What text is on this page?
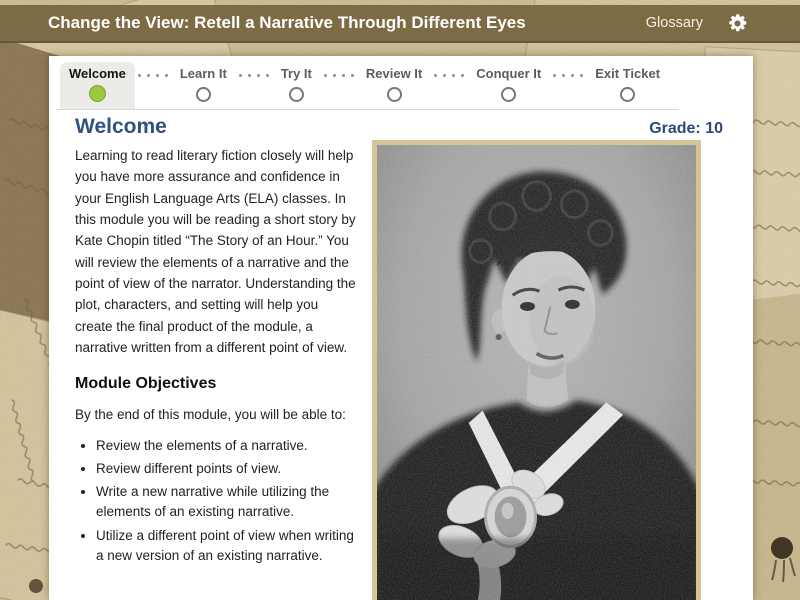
Change the View: Retell a Narrative Through Different Eyes	Glossary
Welcome	Learn It	Try It	Review It	Conquer It	Exit Ticket
Welcome	Grade: 10

Learning to read literary fiction closely will help you have more assurance and confidence in your English Language Arts (ELA) classes. In this module you will be reading a short story by Kate Chopin titled “The Story of an Hour.” You will review the elements of a narrative and the point of view of the narrator. Understanding the plot, characters, and setting will help you create the final product of the module, a narrative written from a different point of view.

Module Objectives

By the end of this module, you will be able to:

• Review the elements of a narrative.
• Review different points of view.
• Write a new narrative while utilizing the elements of an existing narrative.
• Utilize a different point of view when writing a new version of an existing narrative.
